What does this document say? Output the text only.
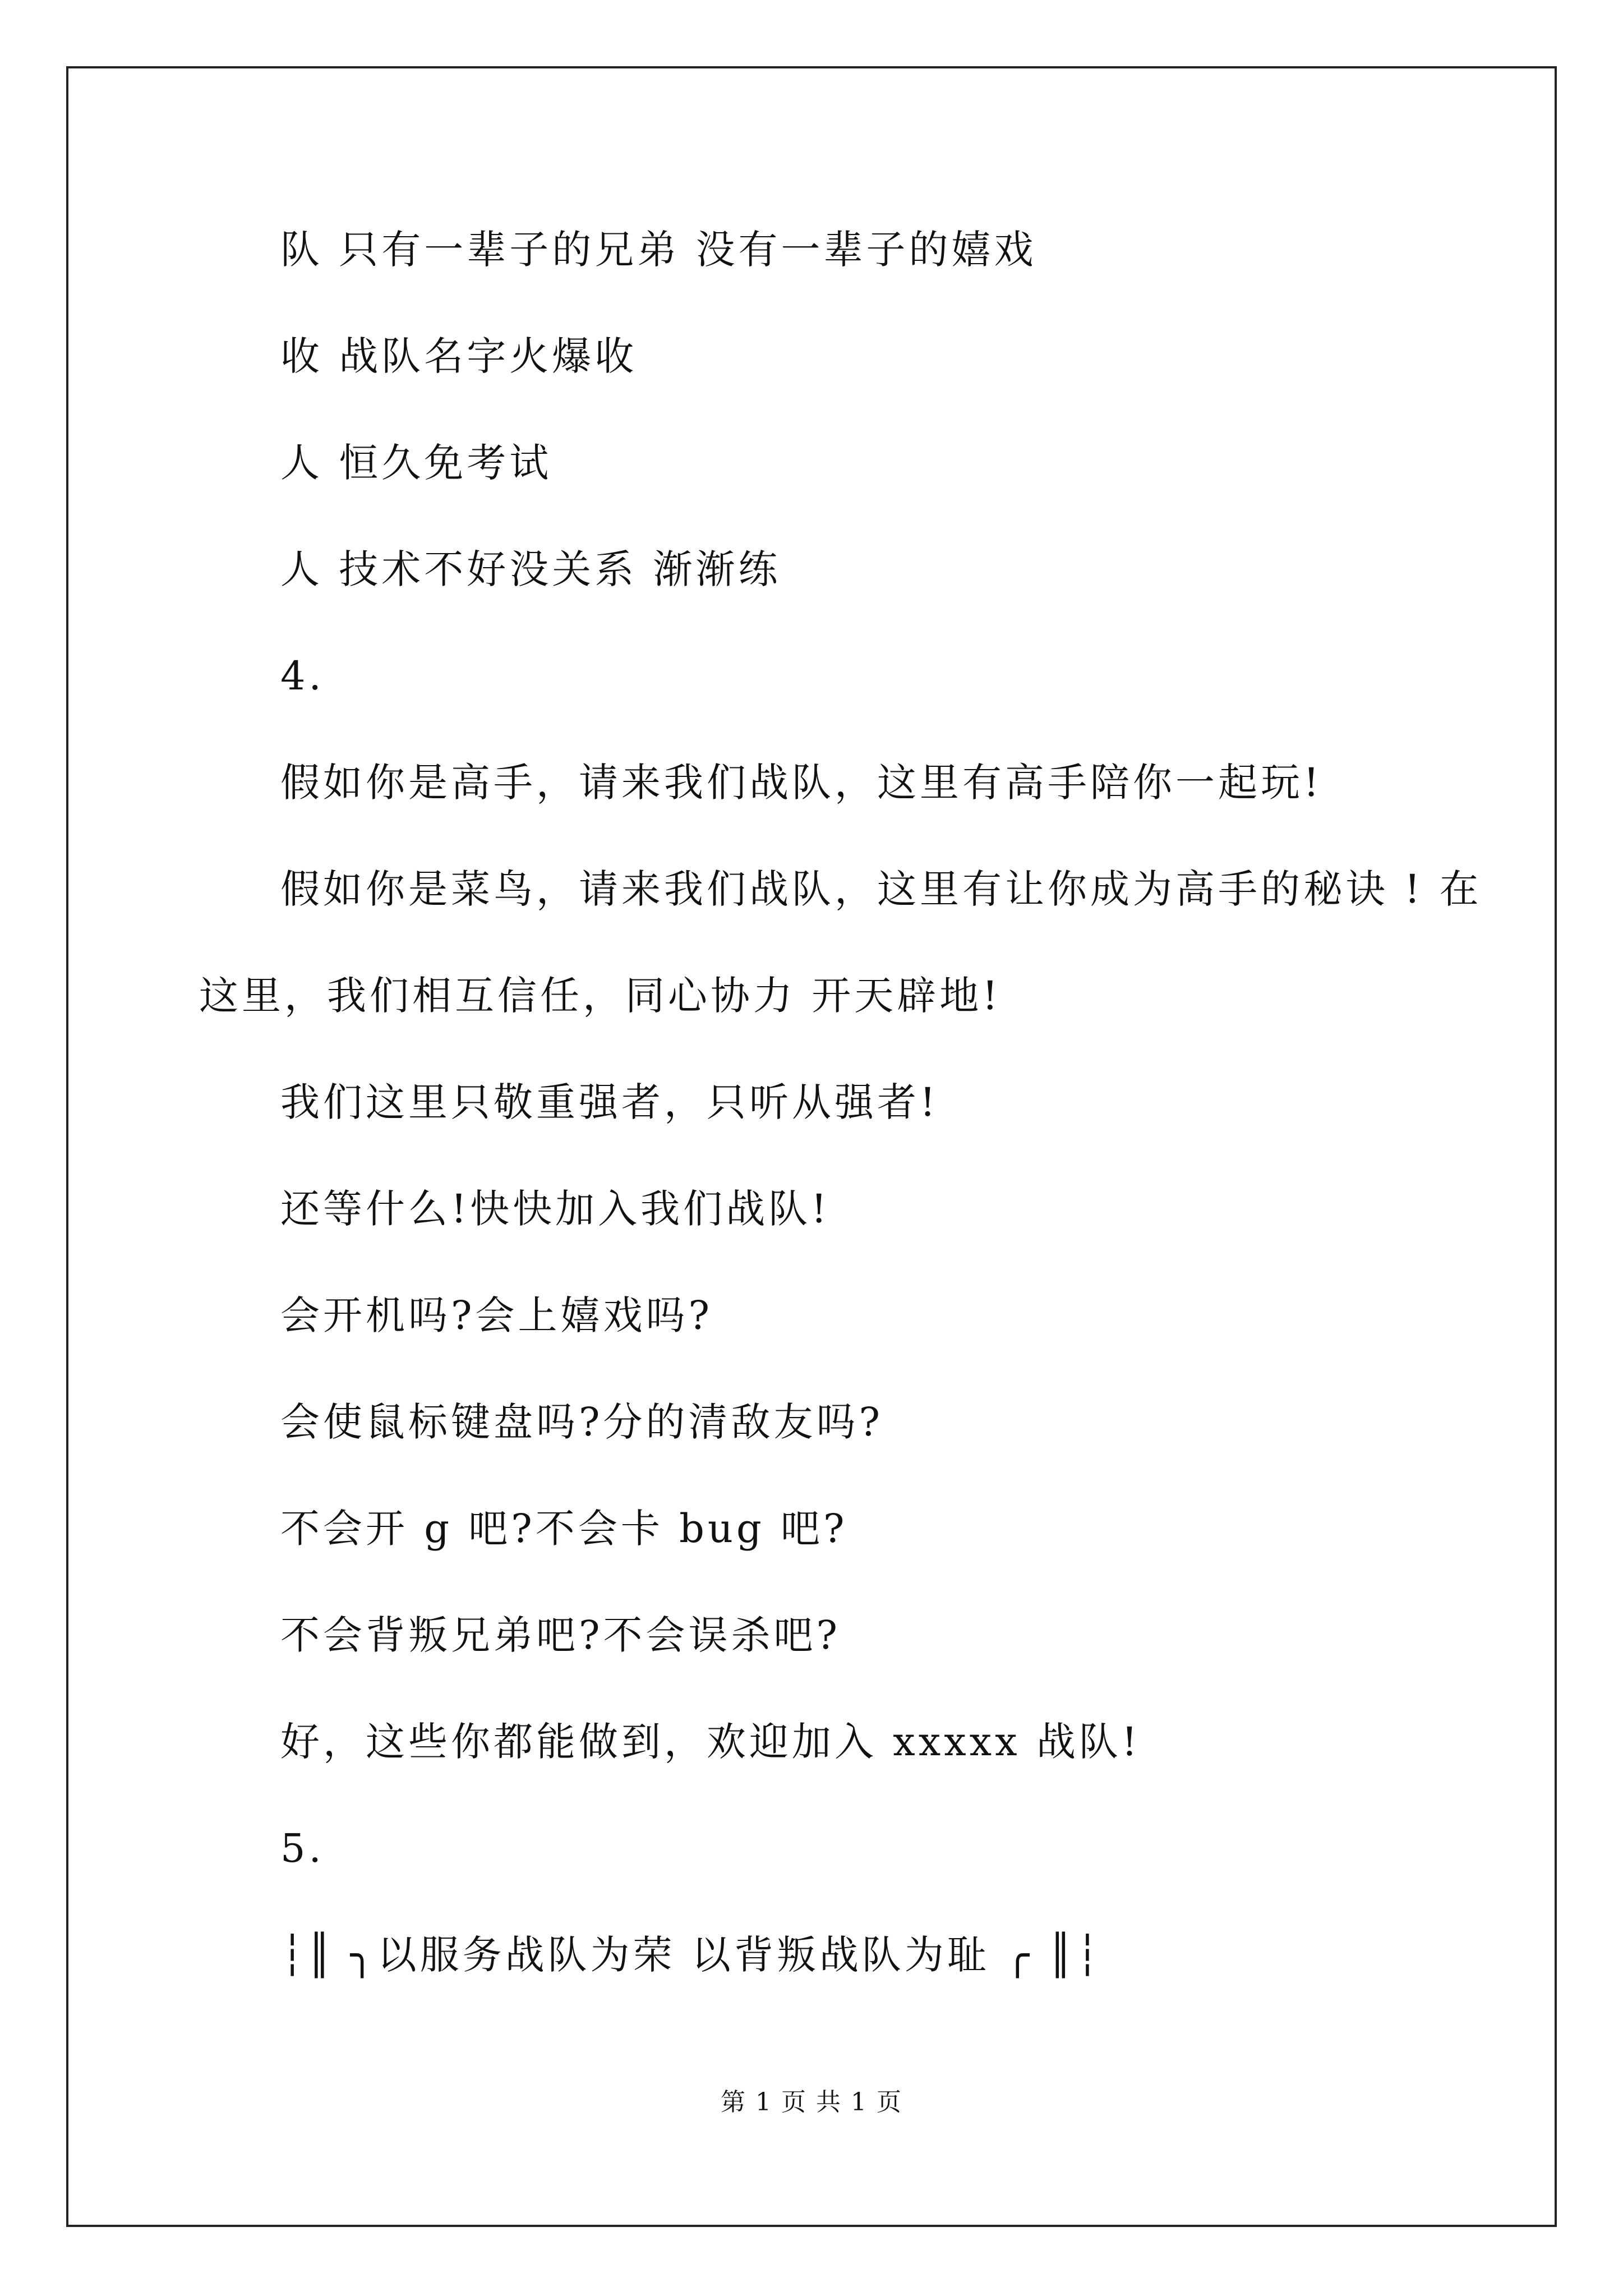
队 只有一辈子的兄弟 没有一辈子的嬉戏
收 战队名字火爆收
人 恒久免考试
人 技术不好没关系 渐渐练
4.
假如你是高手，请来我们战队，这里有高手陪你一起玩!
假如你是菜鸟，请来我们战队，这里有让你成为高手的秘诀 ! 在
这里，我们相互信任，同心协力 开天辟地!
我们这里只敬重强者，只听从强者!
还等什么!快快加入我们战队!
会开机吗?会上嬉戏吗?
会使鼠标键盘吗?分的清敌友吗?
不会开 g 吧?不会卡 bug 吧?
不会背叛兄弟吧?不会误杀吧?
好，这些你都能做到，欢迎加入 xxxxx 战队!
5.
┆║ ╮以服务战队为荣 以背叛战队为耻 ╭ ║┆
第 1 页 共 1 页
